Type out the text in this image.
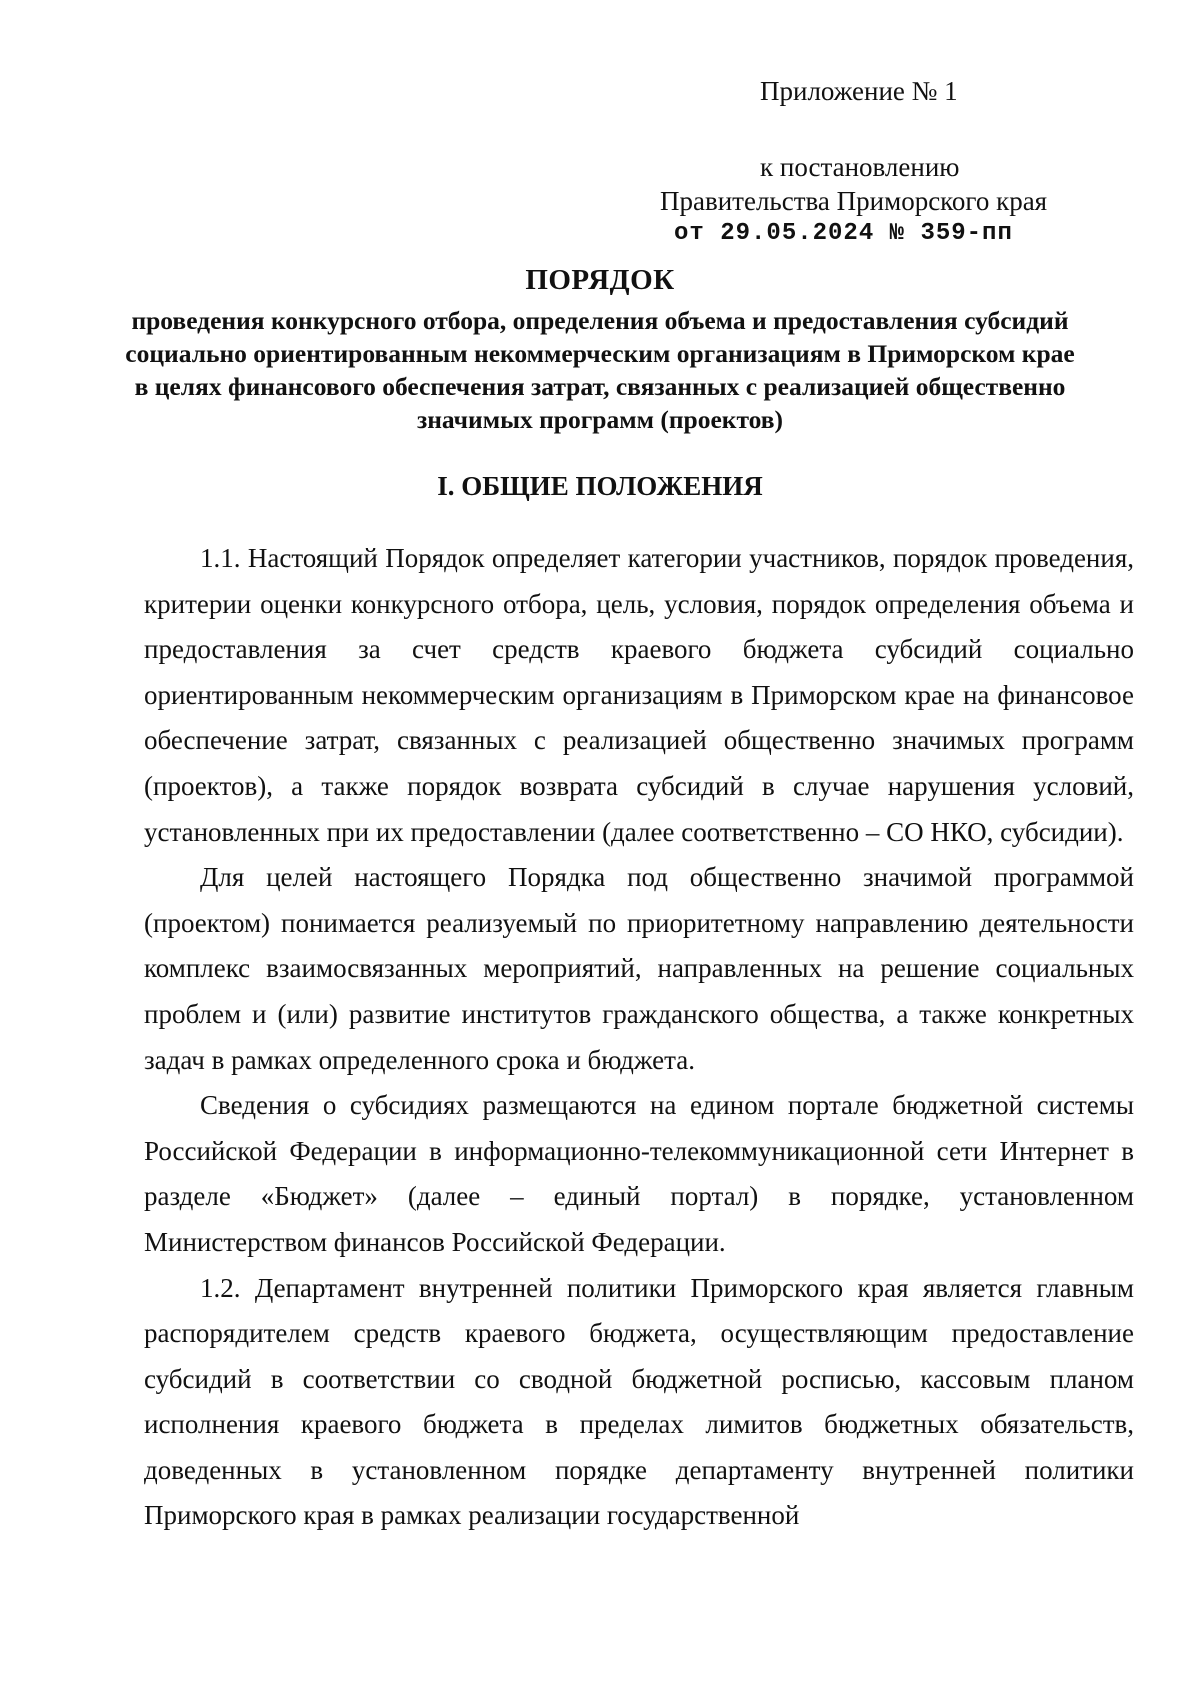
Приложение № 1
к постановлению
Правительства Приморского края
от 29.05.2024 № 359-пп
ПОРЯДОК
проведения конкурсного отбора, определения объема и предоставления субсидий социально ориентированным некоммерческим организациям в Приморском крае в целях финансового обеспечения затрат, связанных с реализацией общественно значимых программ (проектов)
I. ОБЩИЕ ПОЛОЖЕНИЯ

1.1. Настоящий Порядок определяет категории участников, порядок проведения, критерии оценки конкурсного отбора, цель, условия, порядок определения объема и предоставления за счет средств краевого бюджета субсидий социально ориентированным некоммерческим организациям в Приморском крае на финансовое обеспечение затрат, связанных с реализацией общественно значимых программ (проектов), а также порядок возврата субсидий в случае нарушения условий, установленных при их предоставлении (далее соответственно – СО НКО, субсидии).

Для целей настоящего Порядка под общественно значимой программой (проектом) понимается реализуемый по приоритетному направлению деятельности комплекс взаимосвязанных мероприятий, направленных на решение социальных проблем и (или) развитие институтов гражданского общества, а также конкретных задач в рамках определенного срока и бюджета.

Сведения о субсидиях размещаются на едином портале бюджетной системы Российской Федерации в информационно-телекоммуникационной сети Интернет в разделе «Бюджет» (далее – единый портал) в порядке, установленном Министерством финансов Российской Федерации.

1.2. Департамент внутренней политики Приморского края является главным распорядителем средств краевого бюджета, осуществляющим предоставление субсидий в соответствии со сводной бюджетной росписью, кассовым планом исполнения краевого бюджета в пределах лимитов бюджетных обязательств, доведенных в установленном порядке департаменту внутренней политики Приморского края в рамках реализации государственной
